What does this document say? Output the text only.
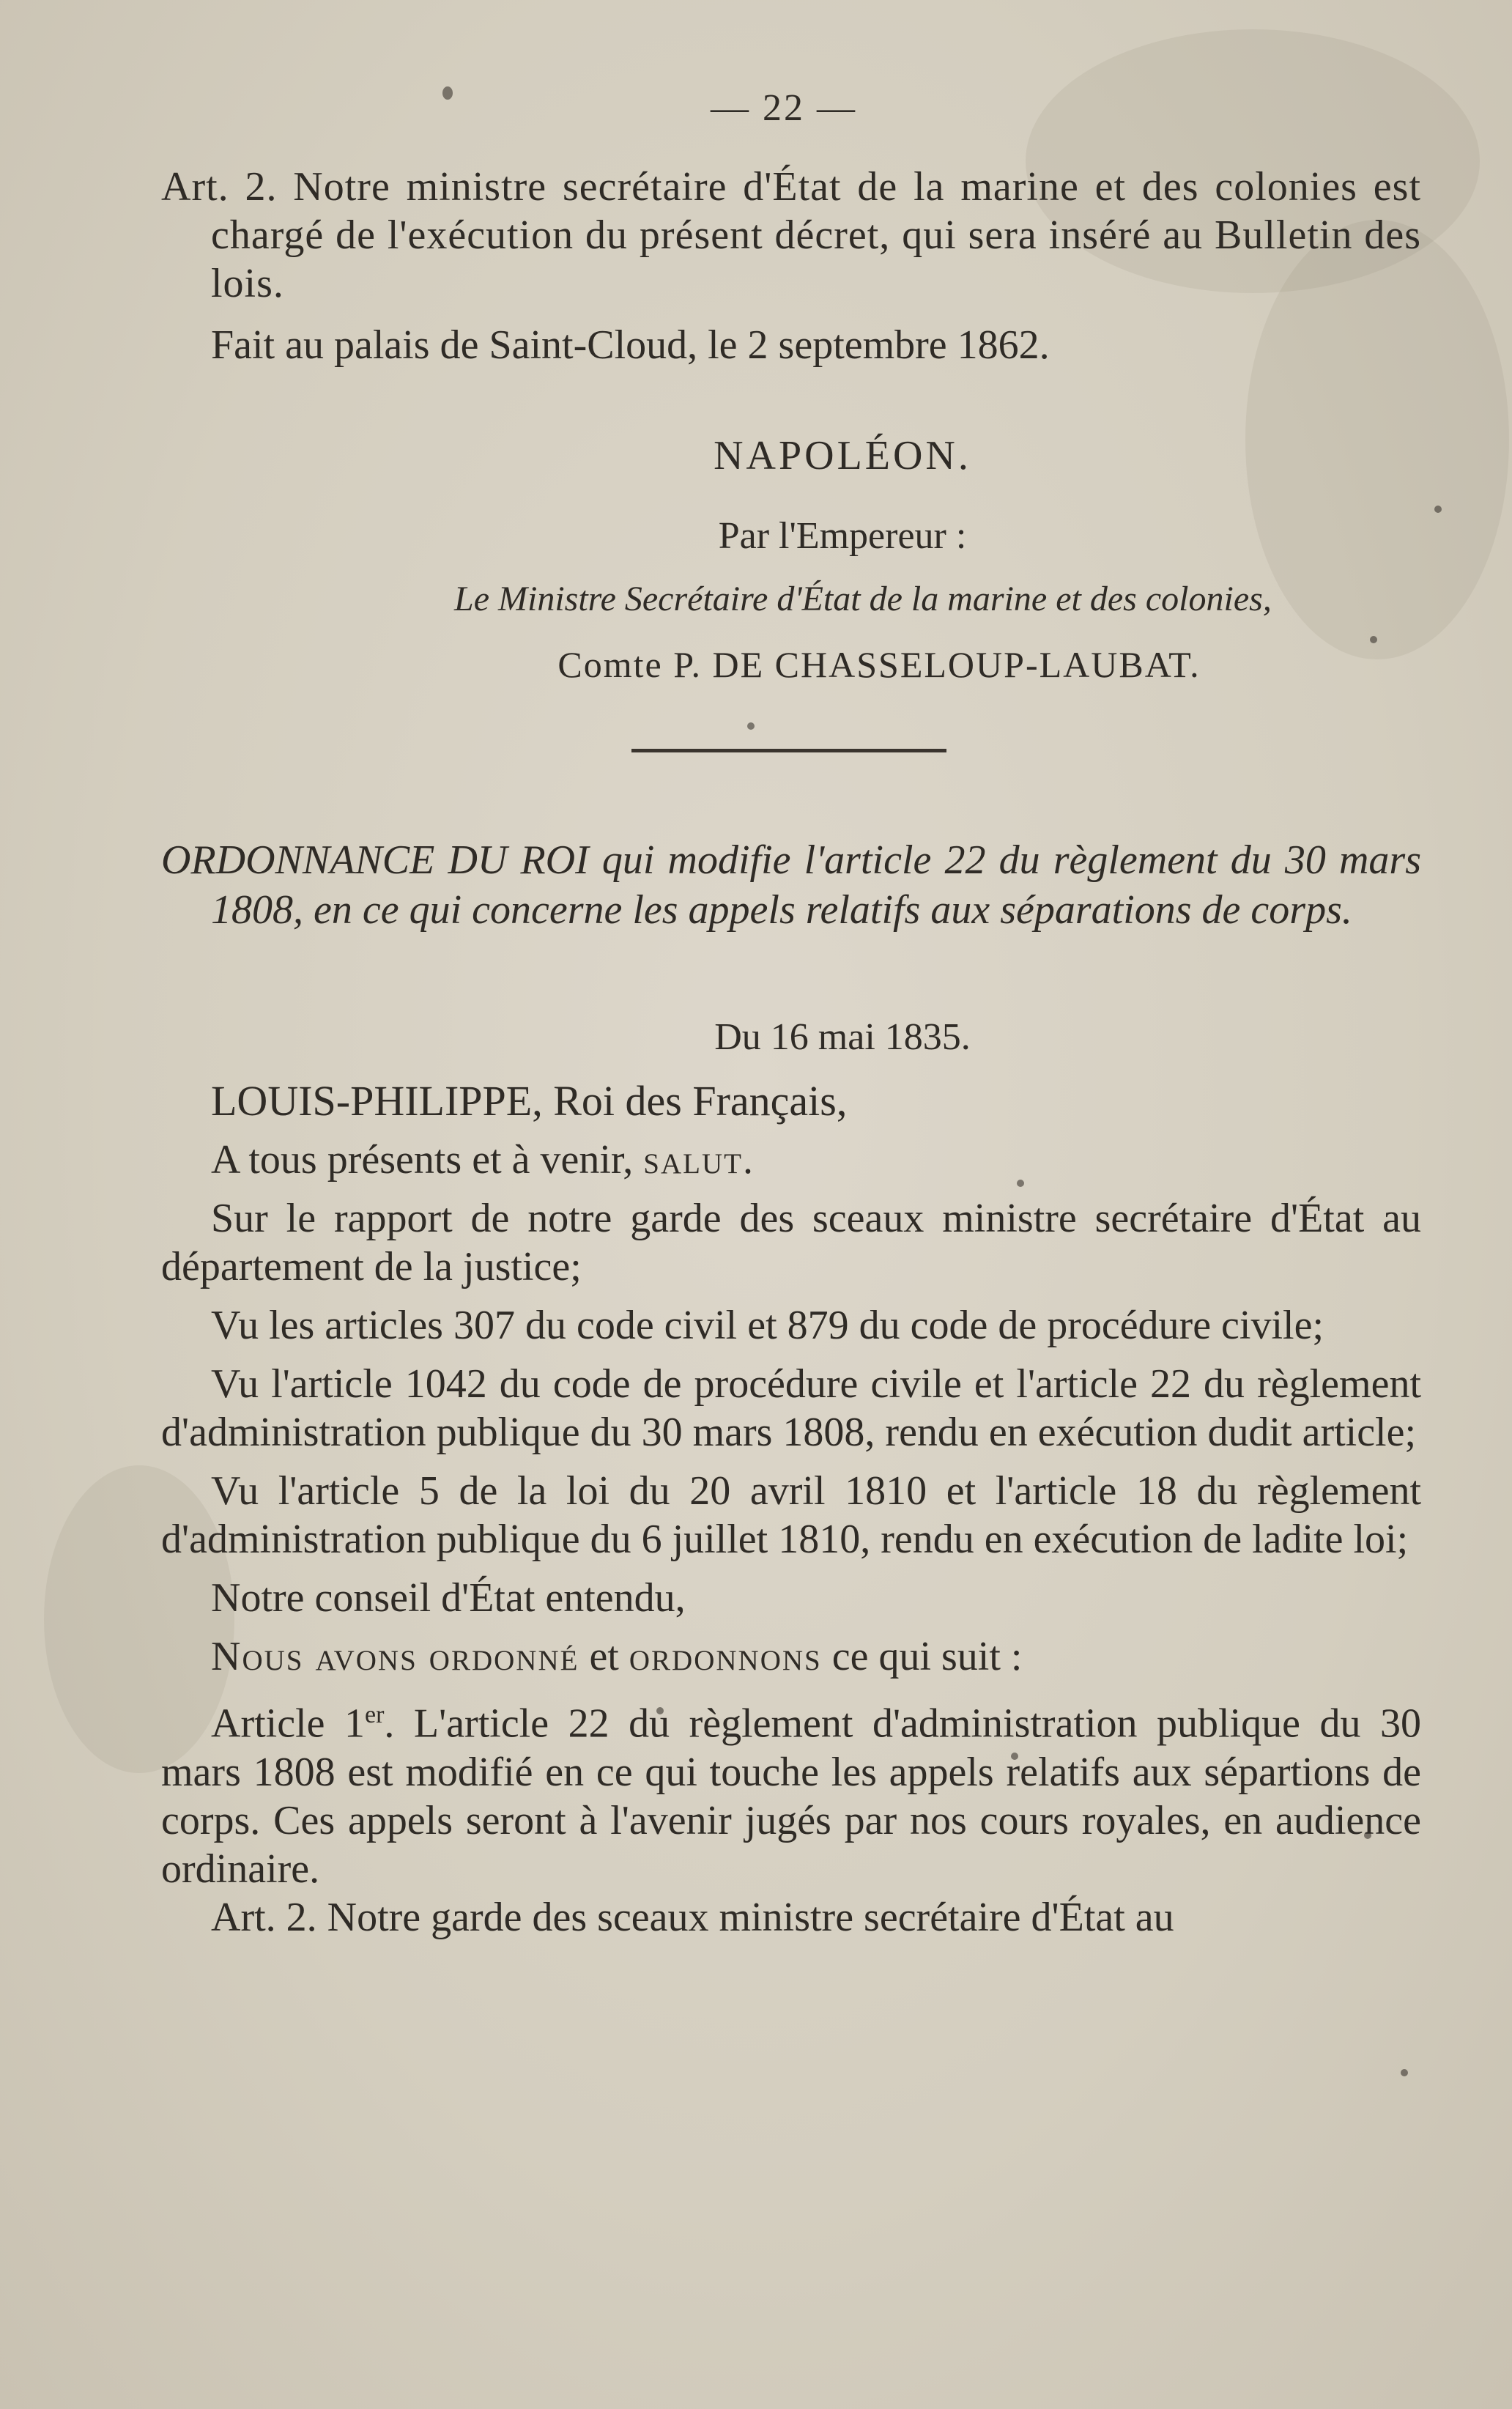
— 22 —

Art. 2. Notre ministre secrétaire d'État de la marine et des colonies est chargé de l'exécution du présent décret, qui sera inséré au Bulletin des lois.

Fait au palais de Saint-Cloud, le 2 septembre 1862.

NAPOLÉON.
Par l'Empereur :
Le Ministre Secrétaire d'État de la marine et des colonies,
Comte P. DE CHASSELOUP-LAUBAT.

ORDONNANCE DU ROI qui modifie l'article 22 du règlement du 30 mars 1808, en ce qui concerne les appels relatifs aux séparations de corps.

Du 16 mai 1835.

LOUIS-PHILIPPE, Roi des Français,

A tous présents et à venir, salut.

Sur le rapport de notre garde des sceaux ministre secrétaire d'État au département de la justice;

Vu les articles 307 du code civil et 879 du code de procédure civile;

Vu l'article 1042 du code de procédure civile et l'article 22 du règlement d'administration publique du 30 mars 1808, rendu en exécution dudit article;

Vu l'article 5 de la loi du 20 avril 1810 et l'article 18 du règlement d'administration publique du 6 juillet 1810, rendu en exécution de ladite loi;

Notre conseil d'État entendu,

Nous avons ordonné et ordonnons ce qui suit :

Article 1er. L'article 22 du règlement d'administration publique du 30 mars 1808 est modifié en ce qui touche les appels relatifs aux sépartions de corps. Ces appels seront à l'avenir jugés par nos cours royales, en audience ordinaire.

Art. 2. Notre garde des sceaux ministre secrétaire d'État au
